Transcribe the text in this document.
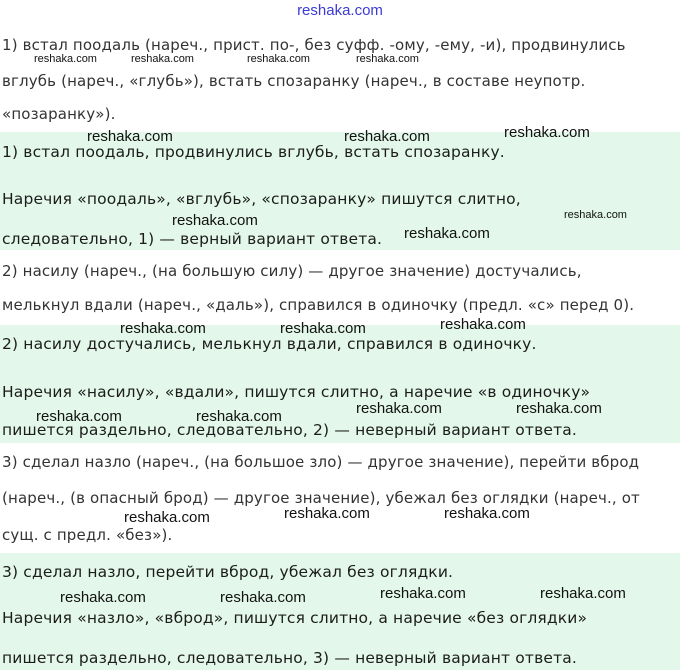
reshaka.com
1) встал поодаль (нареч., прист. по-, без суфф. -ому, -ему, -и), продвинулись
вглубь (нареч., «глубь»), встать спозаранку (нареч., в составе неупотр.
«позаранку»).
1) встал поодаль, продвинулись вглубь, встать спозаранку.
Наречия «поодаль», «вглубь», «спозаранку» пишутся слитно,
следовательно, 1) — верный вариант ответа.
2) насилу (нареч., (на большую силу) — другое значение) достучались,
мелькнул вдали (нареч., «даль»), справился в одиночку (предл. «с» перед 0).
2) насилу достучались, мелькнул вдали, справился в одиночку.
Наречия «насилу», «вдали», пишутся слитно, а наречие «в одиночку»
пишется раздельно, следовательно, 2) — неверный вариант ответа.
3) сделал назло (нареч., (на большое зло) — другое значение), перейти вброд
(нареч., (в опасный брод) — другое значение), убежал без оглядки (нареч., от
сущ. с предл. «без»).
3) сделал назло, перейти вброд, убежал без оглядки.
Наречия «назло», «вброд», пишутся слитно, а наречие «без оглядки»
пишется раздельно, следовательно, 3) — неверный вариант ответа.
reshaka.com	reshaka.com	reshaka.com	reshaka.com
reshaka.com	reshaka.com	reshaka.com
reshaka.com
reshaka.com
reshaka.com
reshaka.com	reshaka.com	reshaka.com
reshaka.com	reshaka.com	reshaka.com	reshaka.com
reshaka.com	reshaka.com	reshaka.com
reshaka.com	reshaka.com	reshaka.com	reshaka.com
